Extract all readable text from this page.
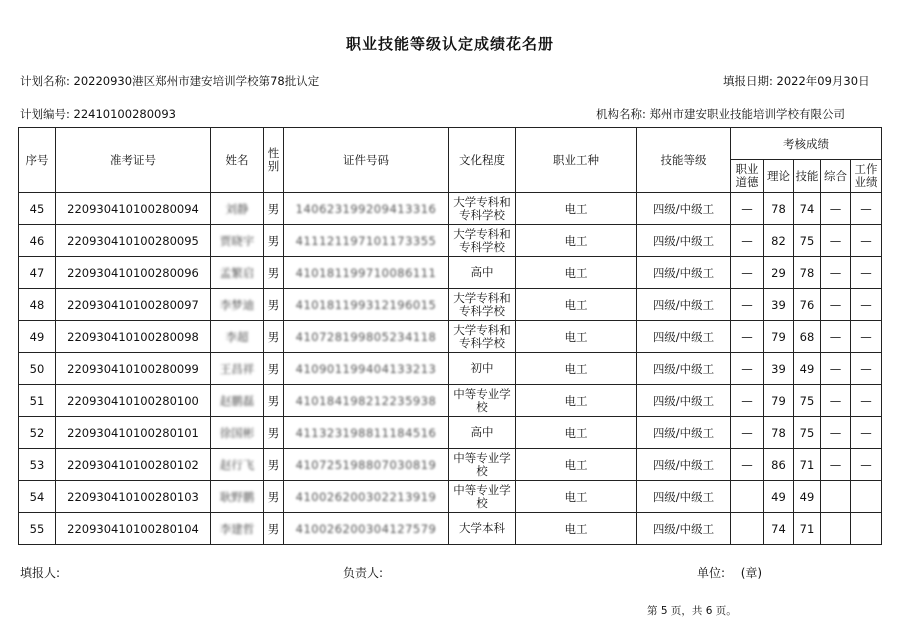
职业技能等级认定成绩花名册
计划名称: 20220930港区郑州市建安培训学校第78批认定	填报日期: 2022年09月30日
计划编号: 22410100280093	机构名称: 郑州市建安职业技能培训学校有限公司
序号	准考证号	姓名	性别	证件号码	文化程度	职业工种	技能等级	考核成绩				
								职业道德	理论	技能	综合	工作业绩
45	220930410100280094	刘静	男	140623199209413316	大学专科和专科学校	电工	四级/中级工	—	78	74	—	—
46	220930410100280095	贾晓宇	男	411121197101173355	大学专科和专科学校	电工	四级/中级工	—	82	75	—	—
47	220930410100280096	孟繁启	男	410181199710086111	高中	电工	四级/中级工	—	29	78	—	—
48	220930410100280097	李梦迪	男	410181199312196015	大学专科和专科学校	电工	四级/中级工	—	39	76	—	—
49	220930410100280098	李超	男	410728199805234118	大学专科和专科学校	电工	四级/中级工	—	79	68	—	—
50	220930410100280099	王昌祥	男	410901199404133213	初中	电工	四级/中级工	—	39	49	—	—
51	220930410100280100	赵鹏磊	男	410184198212235938	中等专业学校	电工	四级/中级工	—	79	75	—	—
52	220930410100280101	徐国彬	男	411323198811184516	高中	电工	四级/中级工	—	78	75	—	—
53	220930410100280102	赵行飞	男	410725198807030819	中等专业学校	电工	四级/中级工	—	86	71	—	—
54	220930410100280103	耿野鹏	男	410026200302213919	中等专业学校	电工	四级/中级工		49	49		
55	220930410100280104	李建哲	男	410026200304127579	大学本科	电工	四级/中级工		74	71		
填报人:	负责人:	单位: (章)
第 5 页，共 6 页。
